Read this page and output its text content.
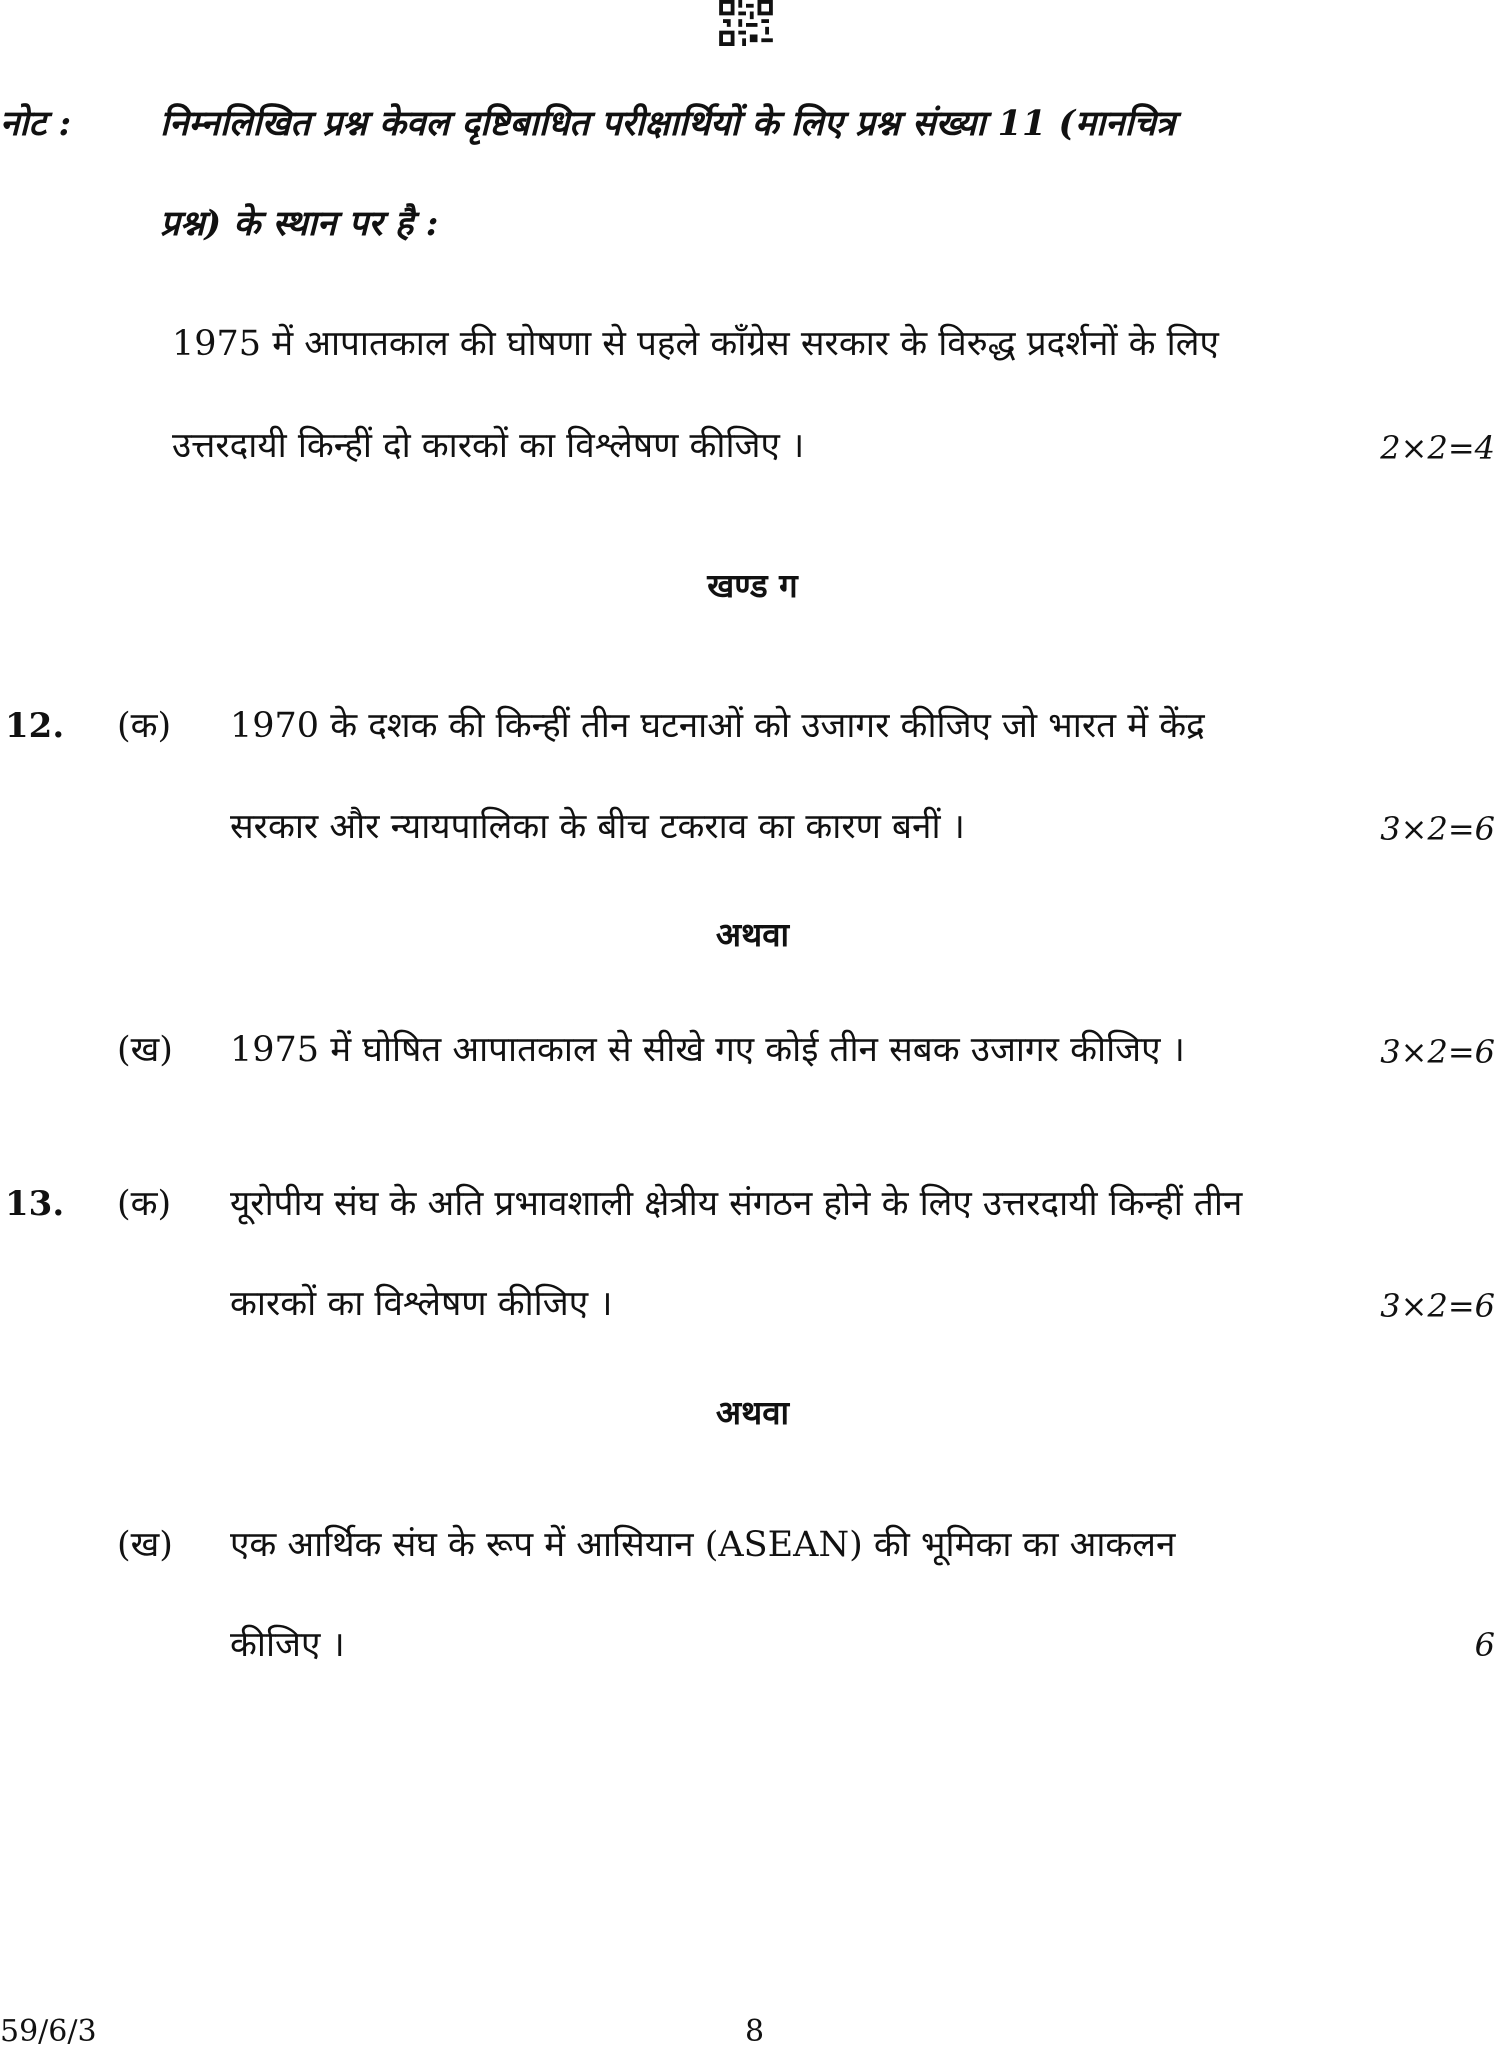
नोट :	निम्नलिखित प्रश्न केवल दृष्टिबाधित परीक्षार्थियों के लिए प्रश्न संख्या 11 (मानचित्र
प्रश्न) के स्थान पर है :
1975 में आपातकाल की घोषणा से पहले काँग्रेस सरकार के विरुद्ध प्रदर्शनों के लिए
उत्तरदायी किन्हीं दो कारकों का विश्लेषण कीजिए ।	2×2=4
खण्ड ग
12. (क) 1970 के दशक की किन्हीं तीन घटनाओं को उजागर कीजिए जो भारत में केंद्र
सरकार और न्यायपालिका के बीच टकराव का कारण बनीं ।	3×2=6
अथवा
(ख) 1975 में घोषित आपातकाल से सीखे गए कोई तीन सबक उजागर कीजिए ।	3×2=6
13. (क) यूरोपीय संघ के अति प्रभावशाली क्षेत्रीय संगठन होने के लिए उत्तरदायी किन्हीं तीन
कारकों का विश्लेषण कीजिए ।	3×2=6
अथवा
(ख) एक आर्थिक संघ के रूप में आसियान (ASEAN) की भूमिका का आकलन
कीजिए ।	6
59/6/3	8
